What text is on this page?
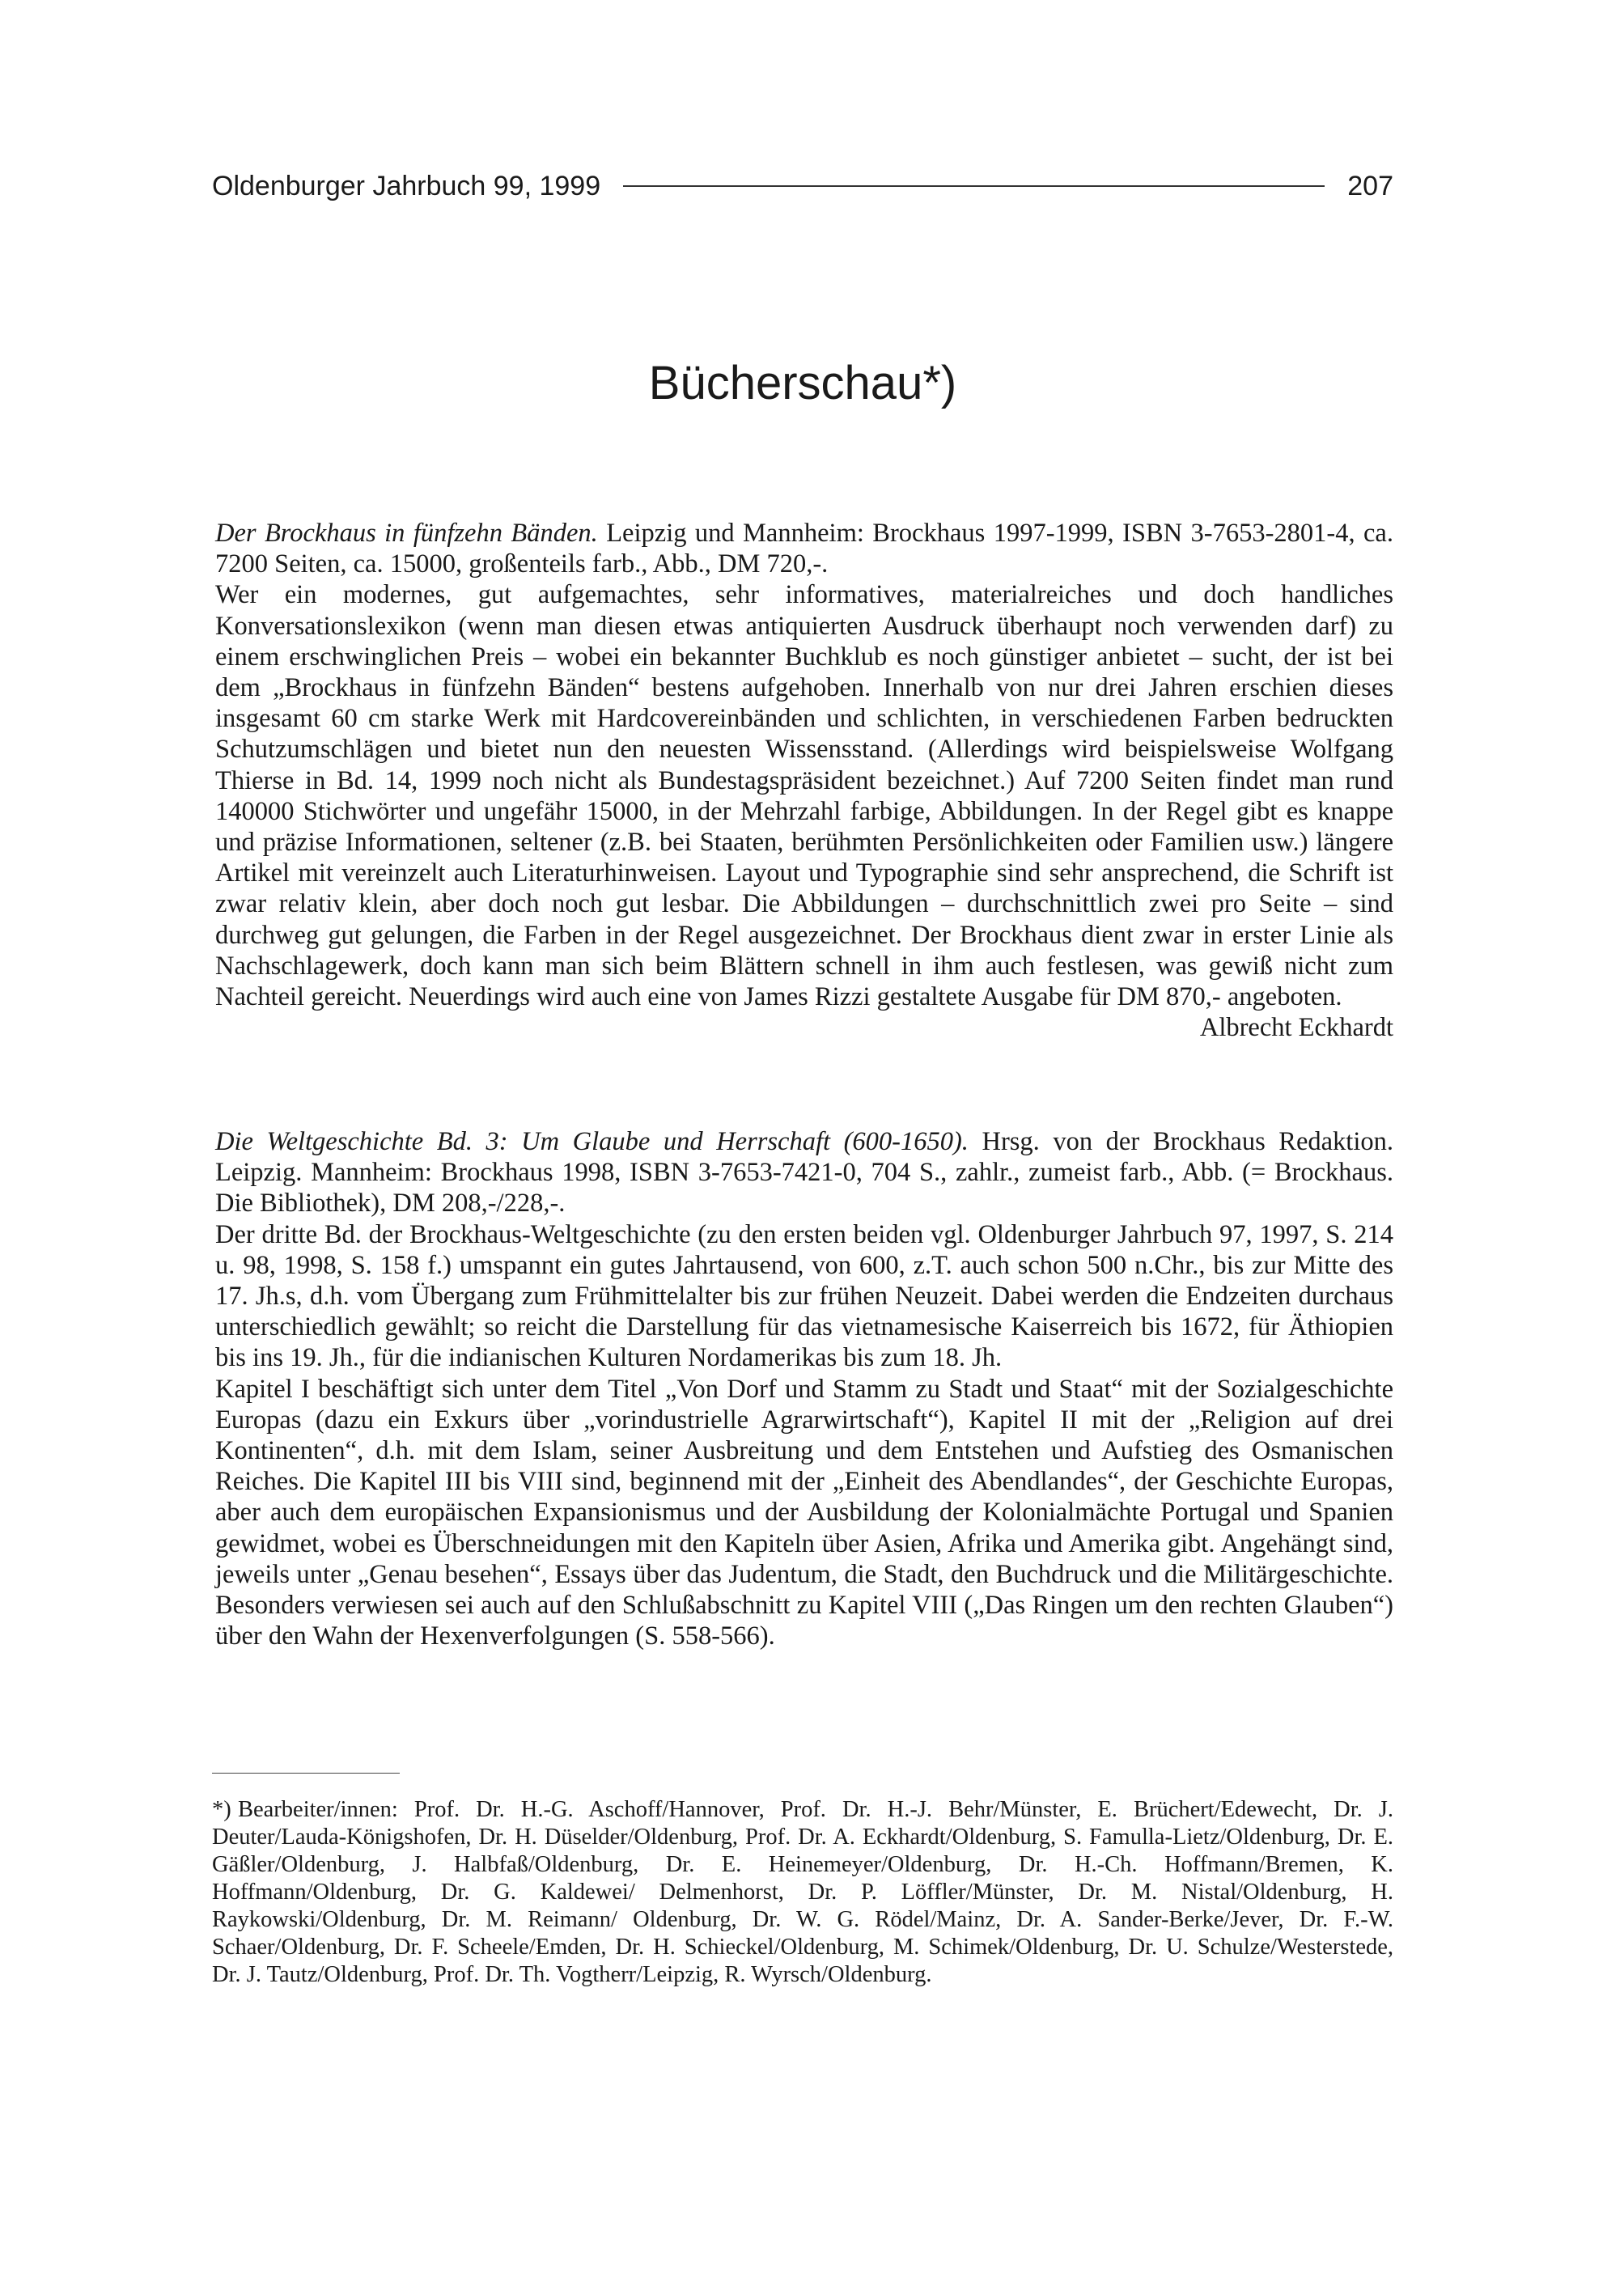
Oldenburger Jahrbuch 99, 1999	207
Bücherschau*)

Der Brockhaus in fünfzehn Bänden. Leipzig und Mannheim: Brockhaus 1997-1999, ISBN 3-7653-2801-4, ca. 7200 Seiten, ca. 15000, großenteils farb., Abb., DM 720,-.

Wer ein modernes, gut aufgemachtes, sehr informatives, materialreiches und doch handliches Konversationslexikon (wenn man diesen etwas antiquierten Ausdruck überhaupt noch verwenden darf) zu einem erschwinglichen Preis – wobei ein bekannter Buchklub es noch günstiger anbietet – sucht, der ist bei dem „Brockhaus in fünfzehn Bänden“ bestens aufgehoben. Innerhalb von nur drei Jahren erschien dieses insgesamt 60 cm starke Werk mit Hardcovereinbänden und schlichten, in verschiedenen Farben bedruckten Schutzumschlägen und bietet nun den neuesten Wissensstand. (Allerdings wird beispielsweise Wolfgang Thierse in Bd. 14, 1999 noch nicht als Bundestagspräsident bezeichnet.) Auf 7200 Seiten findet man rund 140000 Stichwörter und ungefähr 15000, in der Mehrzahl farbige, Abbildungen. In der Regel gibt es knappe und präzise Informationen, seltener (z.B. bei Staaten, berühmten Persönlichkeiten oder Familien usw.) längere Artikel mit vereinzelt auch Literaturhinweisen. Layout und Typographie sind sehr ansprechend, die Schrift ist zwar relativ klein, aber doch noch gut lesbar. Die Abbildungen – durchschnittlich zwei pro Seite – sind durchweg gut gelungen, die Farben in der Regel ausgezeichnet. Der Brockhaus dient zwar in erster Linie als Nachschlagewerk, doch kann man sich beim Blättern schnell in ihm auch festlesen, was gewiß nicht zum Nachteil gereicht. Neuerdings wird auch eine von James Rizzi gestaltete Ausgabe für DM 870,- angeboten.

Albrecht Eckhardt

Die Weltgeschichte Bd. 3: Um Glaube und Herrschaft (600-1650). Hrsg. von der Brockhaus Redaktion. Leipzig. Mannheim: Brockhaus 1998, ISBN 3-7653-7421-0, 704 S., zahlr., zumeist farb., Abb. (= Brockhaus. Die Bibliothek), DM 208,-/228,-.

Der dritte Bd. der Brockhaus-Weltgeschichte (zu den ersten beiden vgl. Oldenburger Jahrbuch 97, 1997, S. 214 u. 98, 1998, S. 158 f.) umspannt ein gutes Jahrtausend, von 600, z.T. auch schon 500 n.Chr., bis zur Mitte des 17. Jh.s, d.h. vom Übergang zum Frühmittelalter bis zur frühen Neuzeit. Dabei werden die Endzeiten durchaus unterschiedlich gewählt; so reicht die Darstellung für das vietnamesische Kaiserreich bis 1672, für Äthiopien bis ins 19. Jh., für die indianischen Kulturen Nordamerikas bis zum 18. Jh.

Kapitel I beschäftigt sich unter dem Titel „Von Dorf und Stamm zu Stadt und Staat“ mit der Sozialgeschichte Europas (dazu ein Exkurs über „vorindustrielle Agrarwirtschaft“), Kapitel II mit der „Religion auf drei Kontinenten“, d.h. mit dem Islam, seiner Ausbreitung und dem Entstehen und Aufstieg des Osmanischen Reiches. Die Kapitel III bis VIII sind, beginnend mit der „Einheit des Abendlandes“, der Geschichte Europas, aber auch dem europäischen Expansionismus und der Ausbildung der Kolonialmächte Portugal und Spanien gewidmet, wobei es Überschneidungen mit den Kapiteln über Asien, Afrika und Amerika gibt. Angehängt sind, jeweils unter „Genau besehen“, Essays über das Judentum, die Stadt, den Buchdruck und die Militärgeschichte. Besonders verwiesen sei auch auf den Schlußabschnitt zu Kapitel VIII („Das Ringen um den rechten Glauben“) über den Wahn der Hexenverfolgungen (S. 558-566).

*) Bearbeiter/innen: Prof. Dr. H.-G. Aschoff/Hannover, Prof. Dr. H.-J. Behr/Münster, E. Brüchert/Edewecht, Dr. J. Deuter/Lauda-Königshofen, Dr. H. Düselder/Oldenburg, Prof. Dr. A. Eckhardt/Oldenburg, S. Famulla-Lietz/Oldenburg, Dr. E. Gäßler/Oldenburg, J. Halbfaß/Oldenburg, Dr. E. Heinemeyer/Oldenburg, Dr. H.-Ch. Hoffmann/Bremen, K. Hoffmann/Oldenburg, Dr. G. Kaldewei/ Delmenhorst, Dr. P. Löffler/Münster, Dr. M. Nistal/Oldenburg, H. Raykowski/Oldenburg, Dr. M. Reimann/ Oldenburg, Dr. W. G. Rödel/Mainz, Dr. A. Sander-Berke/Jever, Dr. F.-W. Schaer/Oldenburg, Dr. F. Scheele/Emden, Dr. H. Schieckel/Oldenburg, M. Schimek/Oldenburg, Dr. U. Schulze/Westerstede, Dr. J. Tautz/Oldenburg, Prof. Dr. Th. Vogtherr/Leipzig, R. Wyrsch/Oldenburg.
